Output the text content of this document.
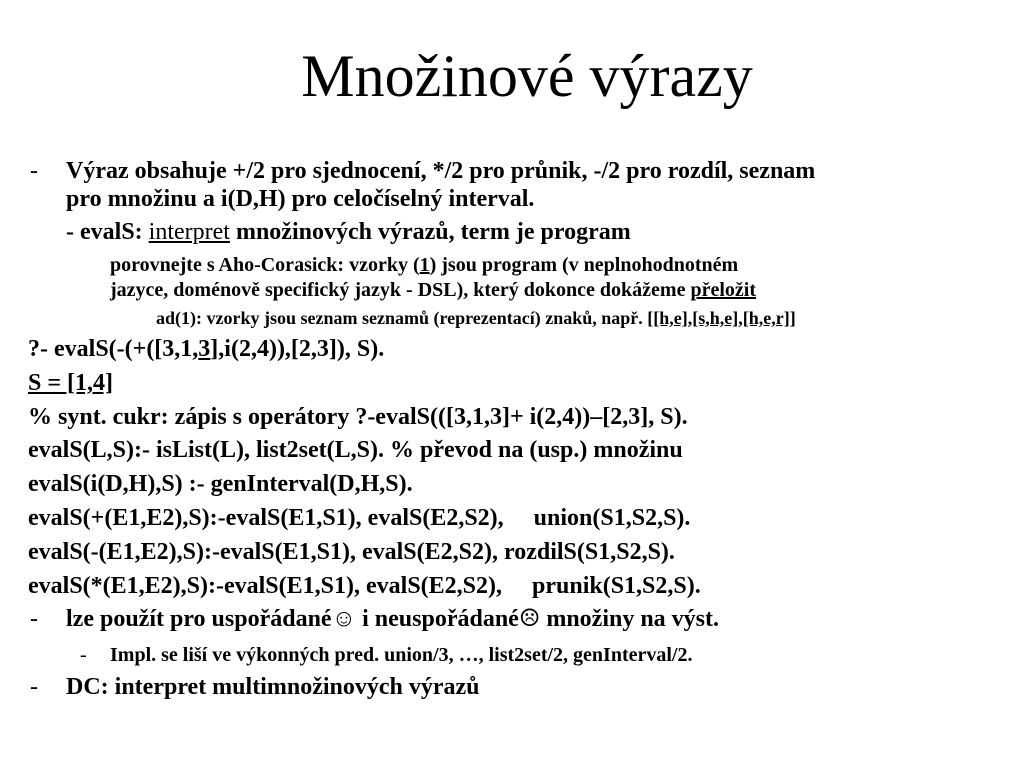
Množinové výrazy
- Výraz obsahuje +/2 pro sjednocení, */2 pro průnik, -/2 pro rozdíl, seznam
pro množinu a i(D,H) pro celočíselný interval.
- evalS: interpret množinových výrazů, term je program
porovnejte s Aho-Corasick: vzorky (1) jsou program (v neplnohodnotném
jazyce, doménově specifický jazyk - DSL), který dokonce dokážeme přeložit
ad(1): vzorky jsou seznam seznamů (reprezentací) znaků, např. [[h,e],[s,h,e],[h,e,r]]
?- evalS(-(+([3,1,3],i(2,4)),[2,3]), S).
S = [1,4]
% synt. cukr: zápis s operátory ?-evalS(([3,1,3]+ i(2,4))–[2,3], S).
evalS(L,S):- isList(L), list2set(L,S). % převod na (usp.) množinu
evalS(i(D,H),S) :- genInterval(D,H,S).
evalS(+(E1,E2),S):-evalS(E1,S1), evalS(E2,S2),     union(S1,S2,S).
evalS(-(E1,E2),S):-evalS(E1,S1), evalS(E2,S2), rozdilS(S1,S2,S).
evalS(*(E1,E2),S):-evalS(E1,S1), evalS(E2,S2),     prunik(S1,S2,S).
- lze použít pro uspořádané☺ i neuspořádané☹ množiny na výst.
- Impl. se liší ve výkonných pred. union/3, …, list2set/2, genInterval/2.
- DC: interpret multimnožinových výrazů
